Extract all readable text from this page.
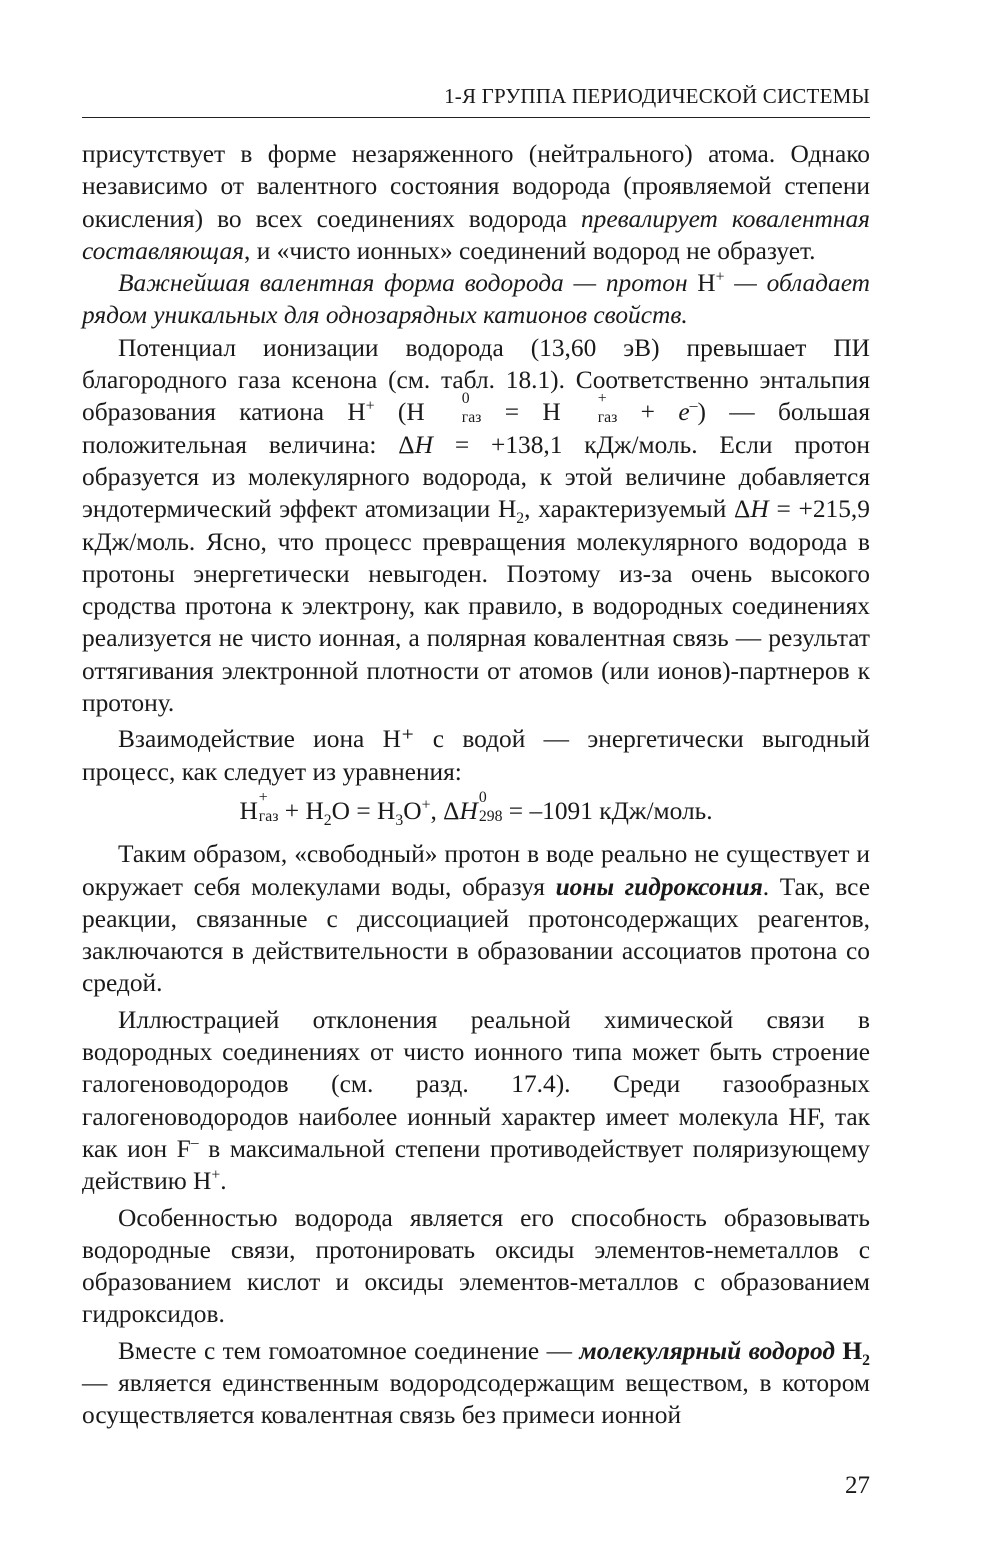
1-Я ГРУППА ПЕРИОДИЧЕСКОЙ СИСТЕМЫ

присутствует в форме незаряженного (нейтрального) атома. Однако независимо от валентного состояния водорода (проявляемой степени окисления) во всех соединениях водорода превалирует ковалентная составляющая, и «чисто ионных» соединений водород не образует.

Важнейшая валентная форма водорода — протон H+ — обладает рядом уникальных для однозарядных катионов свойств.

Потенциал ионизации водорода (13,60 эВ) превышает ПИ благородного газа ксенона (см. табл. 18.1). Соответственно энтальпия образования катиона H+ (H	0
газ = H	+
газ + e–) — большая положительная величина: ΔH = +138,1 кДж/моль. Если протон образуется из молекулярного водорода, к этой величине добавляется эндотермический эффект атомизации $H_2$, характеризуемый ΔH = +215,9 кДж/моль. Ясно, что процесс превращения молекулярного водорода в протоны энергетически невыгоден. Поэтому из-за очень высокого сродства протона к электрону, как правило, в водородных соединениях реализуется не чисто ионная, а полярная ковалентная связь — результат оттягивания электронной плотности от атомов (или ионов)-партнеров к протону.

Взаимодействие иона H⁺ с водой — энергетически выгодный процесс, как следует из уравнения:

H +
газ + $H_2O = H_3O^+$, ΔH 0
298 = –1091 кДж/моль.

Таким образом, «свободный» протон в воде реально не существует и окружает себя молекулами воды, образуя ионы гидроксония. Так, все реакции, связанные с диссоциацией протонсодержащих реагентов, заключаются в действительности в образовании ассоциатов протона со средой.

Иллюстрацией отклонения реальной химической связи в водородных соединениях от чисто ионного типа может быть строение галогеноводородов (см. разд. 17.4). Среди газообразных галогеноводородов наиболее ионный характер имеет молекула HF, так как ион F– в максимальной степени противодействует поляризующему действию H+.

Особенностью водорода является его способность образовывать водородные связи, протонировать оксиды элементов-неметаллов с образованием кислот и оксиды элементов-металлов с образованием гидроксидов.

Вместе с тем гомоатомное соединение — молекулярный водород $H_2$ — является единственным водородсодержащим веществом, в котором осуществляется ковалентная связь без примеси ионной

27
